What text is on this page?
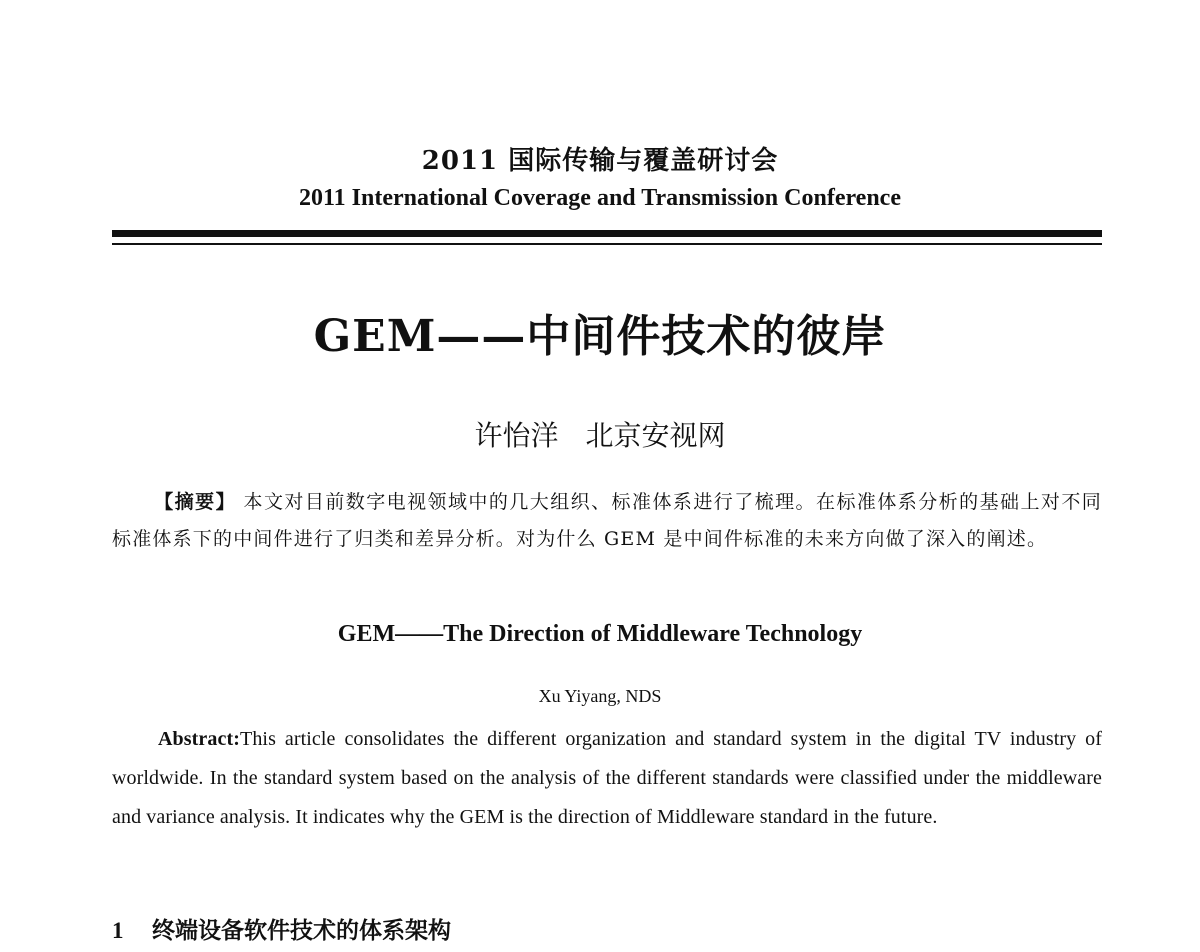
2011 国际传输与覆盖研讨会
2011 International Coverage and Transmission Conference
GEM——中间件技术的彼岸
许怡洋 北京安视网
【摘要】 本文对目前数字电视领域中的几大组织、标准体系进行了梳理。在标准体系分析的基础上对不同标准体系下的中间件进行了归类和差异分析。对为什么 GEM 是中间件标准的未来方向做了深入的阐述。
GEM——The Direction of Middleware Technology
Xu Yiyang, NDS
Abstract:This article consolidates the different organization and standard system in the digital TV industry of worldwide. In the standard system based on the analysis of the different standards were classified under the middleware and variance analysis. It indicates why the GEM is the direction of Middleware standard in the future.
1 终端设备软件技术的体系架构
